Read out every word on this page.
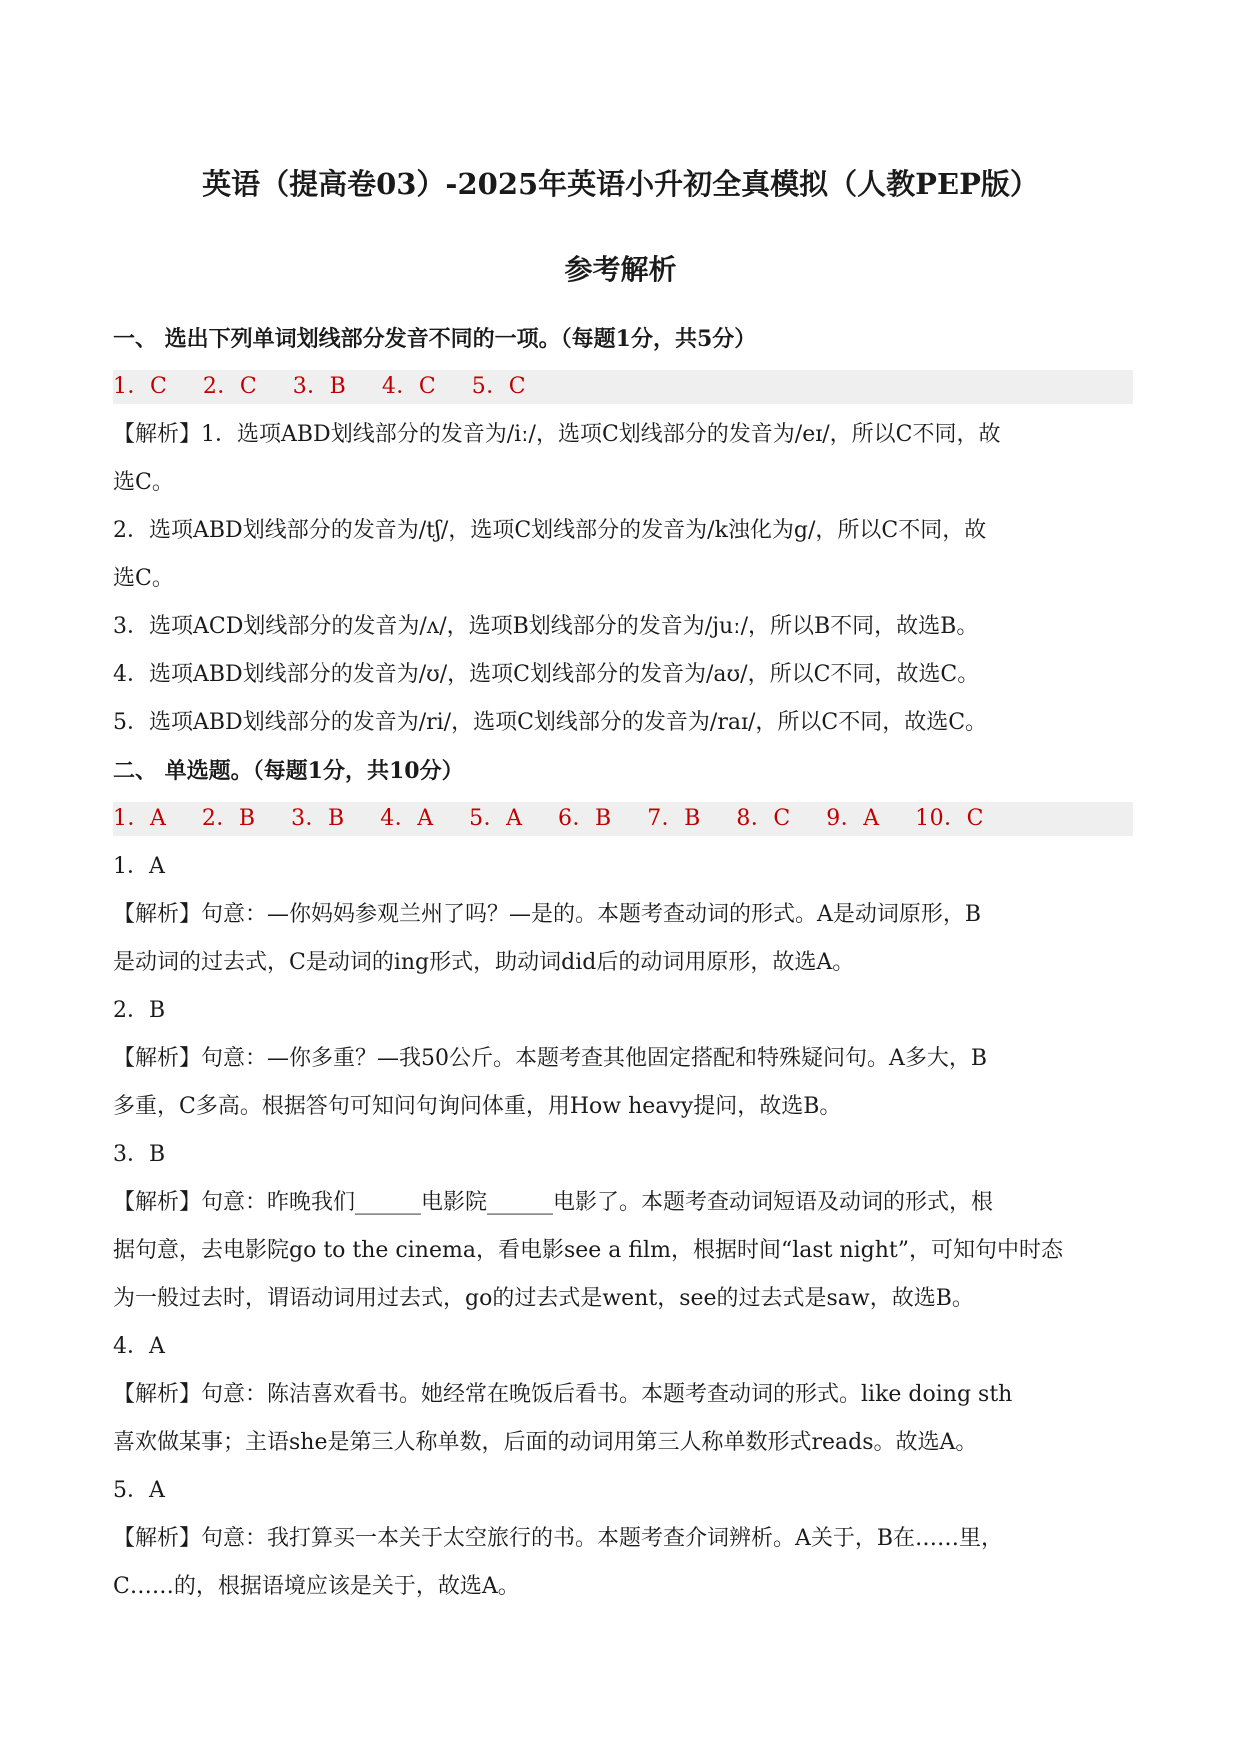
英语（提高卷03）-2025年英语小升初全真模拟（人教PEP版）
参考解析
一、 选出下列单词划线部分发音不同的一项。（每题1分，共5分）
1．C 2．C 3．B 4．C 5．C
【解析】1．选项ABD划线部分的发音为/iː/，选项C划线部分的发音为/eɪ/，所以C不同，故
选C。
2．选项ABD划线部分的发音为/tʃ/，选项C划线部分的发音为/k浊化为g/，所以C不同，故
选C。
3．选项ACD划线部分的发音为/ʌ/，选项B划线部分的发音为/juː/，所以B不同，故选B。
4．选项ABD划线部分的发音为/ʊ/，选项C划线部分的发音为/aʊ/，所以C不同，故选C。
5．选项ABD划线部分的发音为/ri/，选项C划线部分的发音为/raɪ/，所以C不同，故选C。
二、 单选题。（每题1分，共10分）
1．A 2．B 3．B 4．A 5．A 6．B 7．B 8．C 9．A 10．C
1．A
【解析】句意：—你妈妈参观兰州了吗？—是的。本题考查动词的形式。A是动词原形，B
是动词的过去式，C是动词的ing形式，助动词did后的动词用原形，故选A。
2．B
【解析】句意：—你多重？—我50公斤。本题考查其他固定搭配和特殊疑问句。A多大，B
多重，C多高。根据答句可知问句询问体重，用How heavy提问，故选B。
3．B
【解析】句意：昨晚我们______电影院______电影了。本题考查动词短语及动词的形式，根
据句意，去电影院go to the cinema，看电影see a film，根据时间“last night”，可知句中时态
为一般过去时，谓语动词用过去式，go的过去式是went，see的过去式是saw，故选B。
4．A
【解析】句意：陈洁喜欢看书。她经常在晚饭后看书。本题考查动词的形式。like doing sth
喜欢做某事；主语she是第三人称单数，后面的动词用第三人称单数形式reads。故选A。
5．A
【解析】句意：我打算买一本关于太空旅行的书。本题考查介词辨析。A关于，B在……里，
C……的，根据语境应该是关于，故选A。
